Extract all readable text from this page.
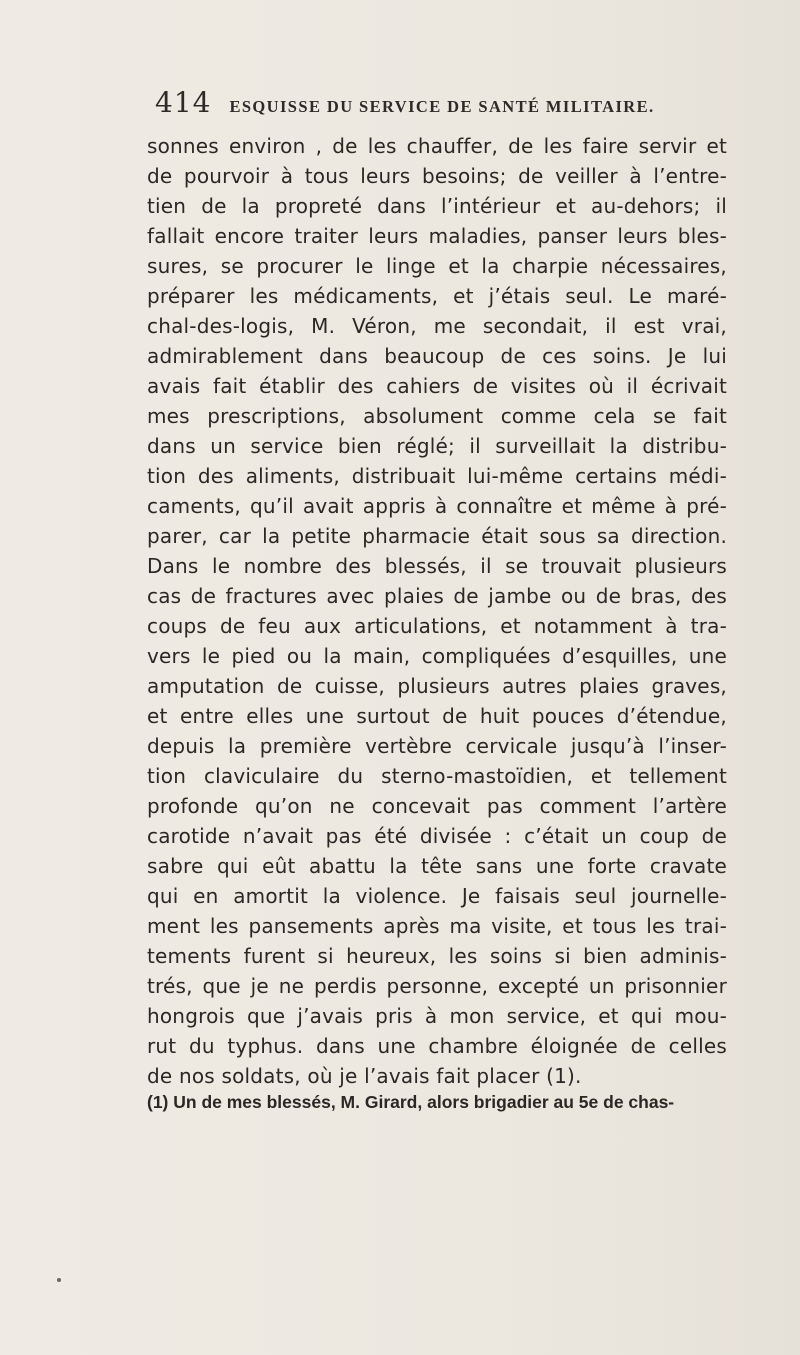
414 ESQUISSE DU SERVICE DE SANTÉ MILITAIRE.
sonnes environ , de les chauffer, de les faire servir et
de pourvoir à tous leurs besoins; de veiller à l’entre-
tien de la propreté dans l’intérieur et au-dehors; il
fallait encore traiter leurs maladies, panser leurs bles-
sures, se procurer le linge et la charpie nécessaires,
préparer les médicaments, et j’étais seul. Le maré-
chal-des-logis, M. Véron, me secondait, il est vrai,
admirablement dans beaucoup de ces soins. Je lui
avais fait établir des cahiers de visites où il écrivait
mes prescriptions, absolument comme cela se fait
dans un service bien réglé; il surveillait la distribu-
tion des aliments, distribuait lui-même certains médi-
caments, qu’il avait appris à connaître et même à pré-
parer, car la petite pharmacie était sous sa direction.
Dans le nombre des blessés, il se trouvait plusieurs
cas de fractures avec plaies de jambe ou de bras, des
coups de feu aux articulations, et notamment à tra-
vers le pied ou la main, compliquées d’esquilles, une
amputation de cuisse, plusieurs autres plaies graves,
et entre elles une surtout de huit pouces d’étendue,
depuis la première vertèbre cervicale jusqu’à l’inser-
tion claviculaire du sterno-mastoïdien, et tellement
profonde qu’on ne concevait pas comment l’artère
carotide n’avait pas été divisée : c’était un coup de
sabre qui eût abattu la tête sans une forte cravate
qui en amortit la violence. Je faisais seul journelle-
ment les pansements après ma visite, et tous les trai-
tements furent si heureux, les soins si bien adminis-
trés, que je ne perdis personne, excepté un prisonnier
hongrois que j’avais pris à mon service, et qui mou-
rut du typhus. dans une chambre éloignée de celles
de nos soldats, où je l’avais fait placer (1).
(1) Un de mes blessés, M. Girard, alors brigadier au 5e de chas-
